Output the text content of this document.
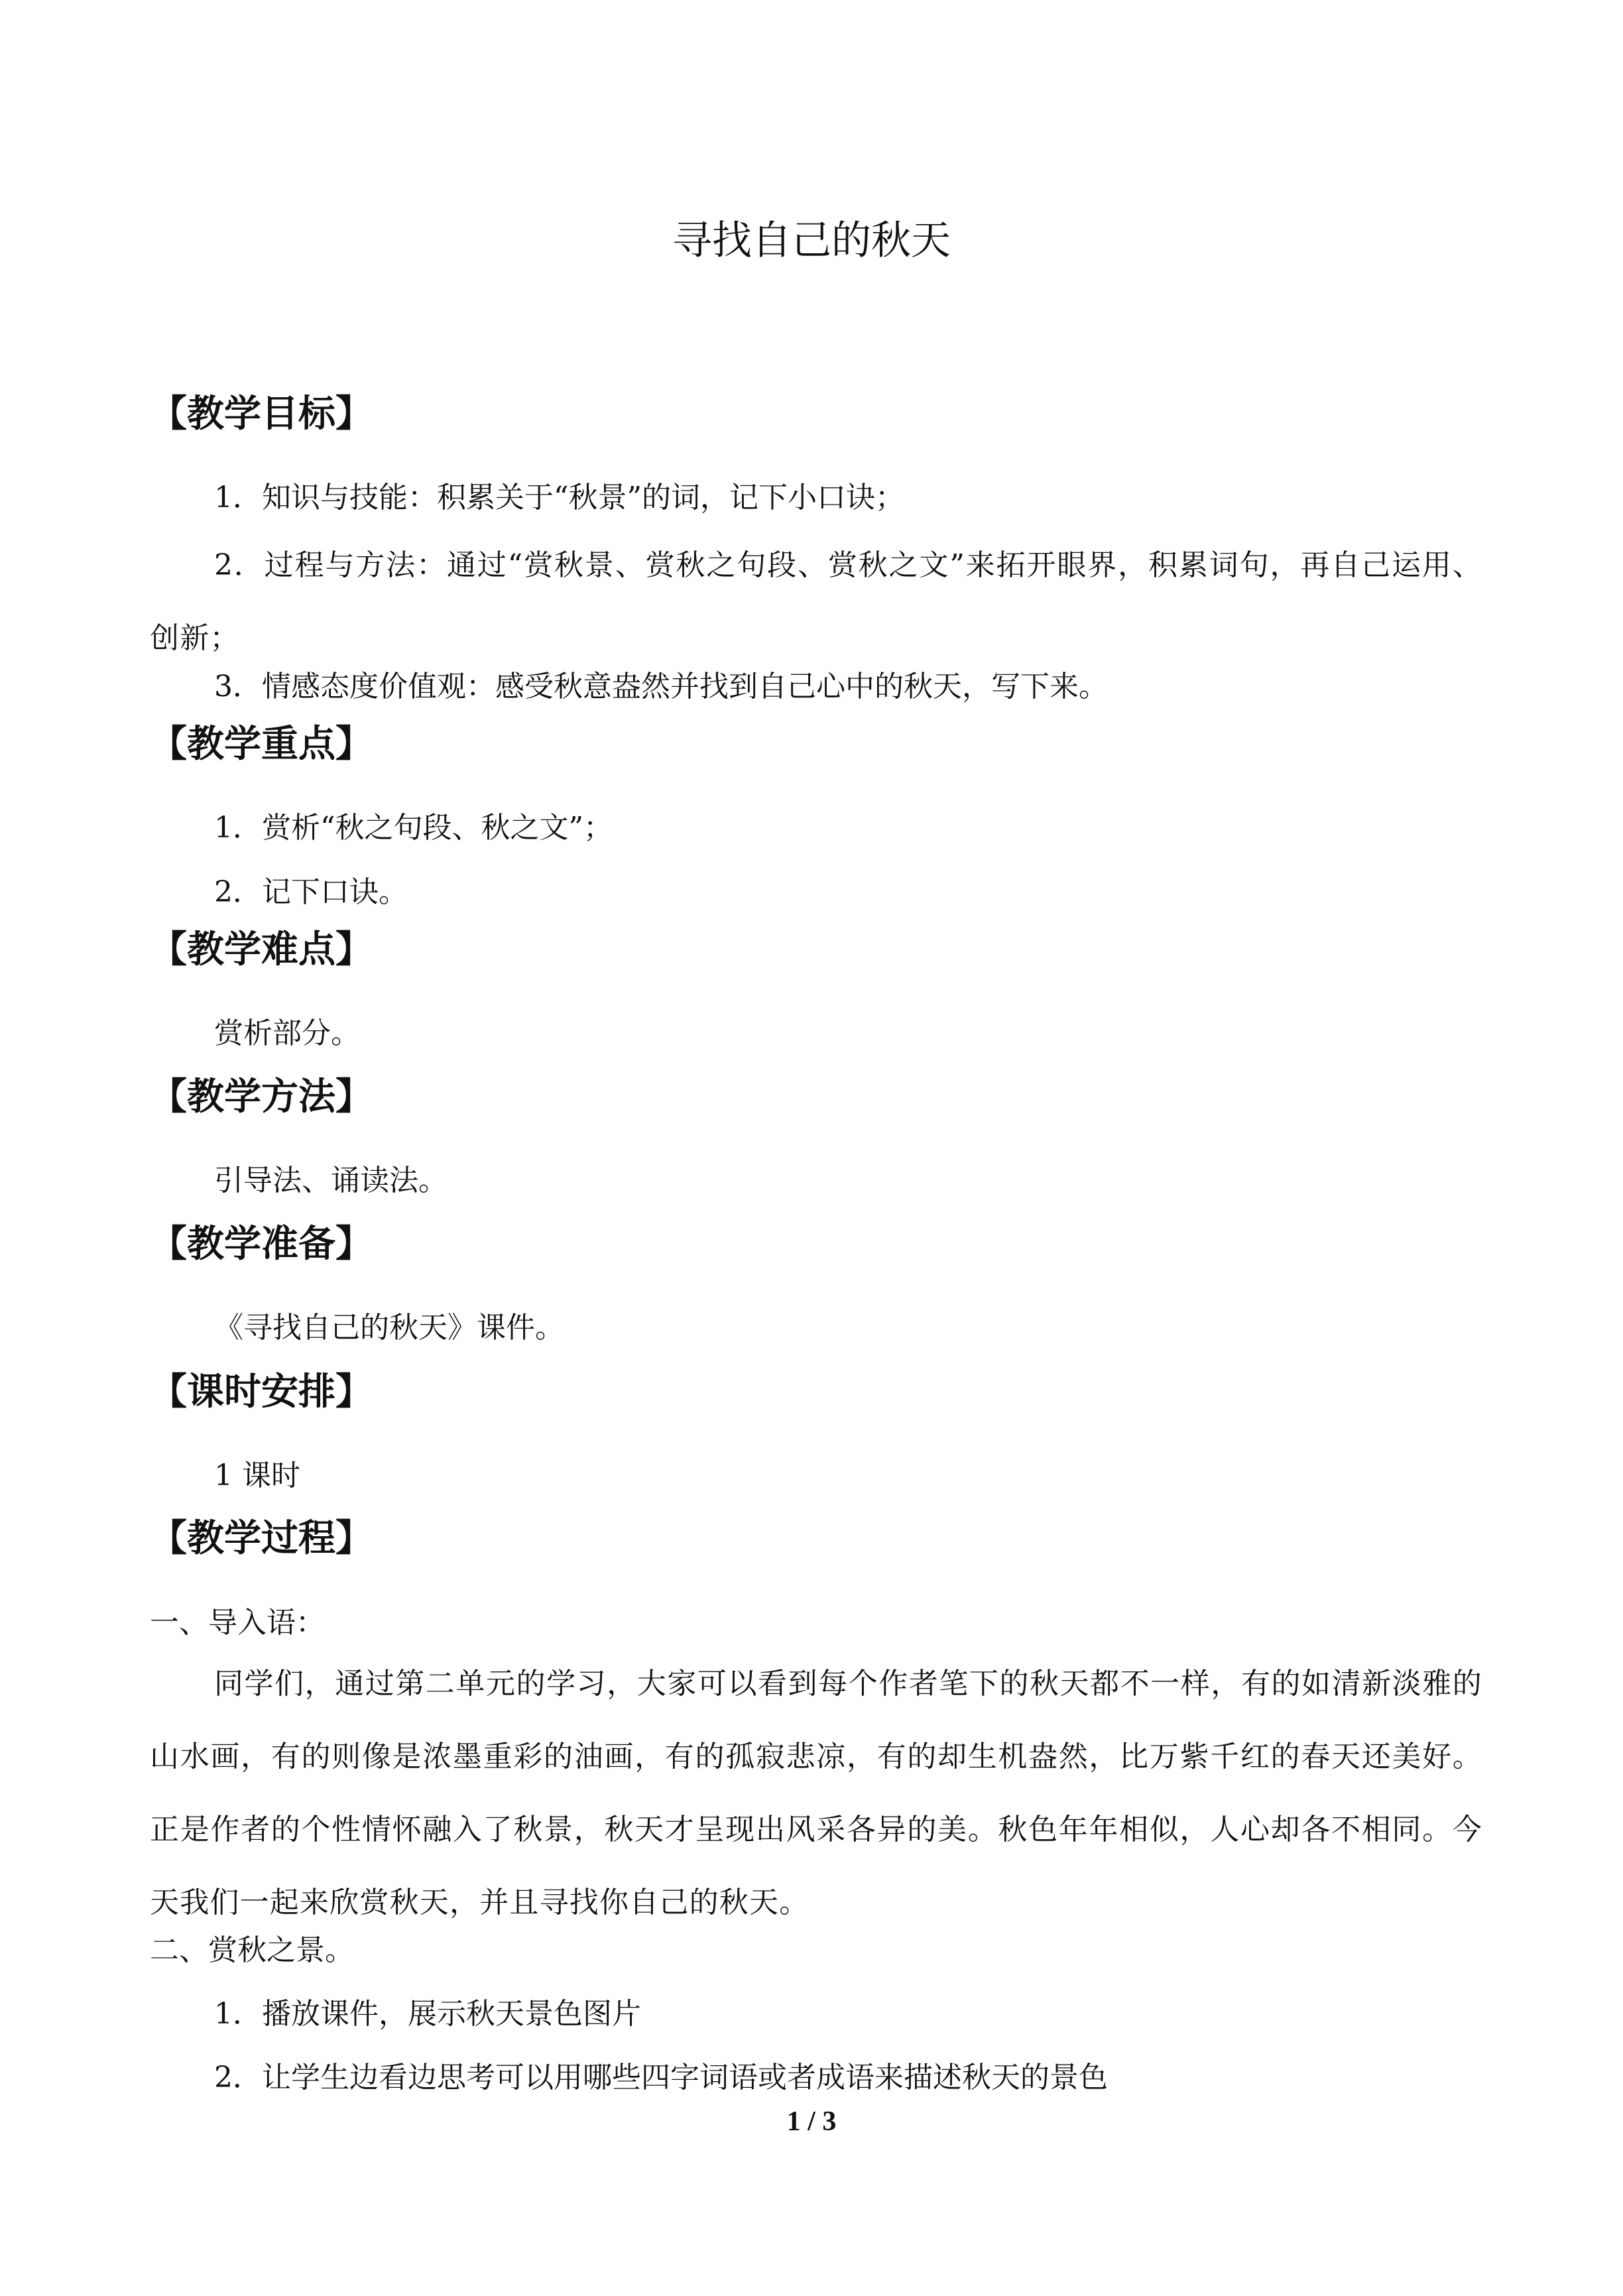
寻找自己的秋天
【教学目标】

1．知识与技能：积累关于“秋景”的词，记下小口诀；

2．过程与方法：通过“赏秋景、赏秋之句段、赏秋之文”来拓开眼界，积累词句，再自己运用、创新；

3．情感态度价值观：感受秋意盎然并找到自己心中的秋天，写下来。

【教学重点】

1．赏析“秋之句段、秋之文”；

2．记下口诀。

【教学难点】

赏析部分。

【教学方法】

引导法、诵读法。

【教学准备】

《寻找自己的秋天》课件。

【课时安排】

1 课时

【教学过程】

一、导入语：

同学们，通过第二单元的学习，大家可以看到每个作者笔下的秋天都不一样，有的如清新淡雅的山水画，有的则像是浓墨重彩的油画，有的孤寂悲凉，有的却生机盎然，比万紫千红的春天还美好。正是作者的个性情怀融入了秋景，秋天才呈现出风采各异的美。秋色年年相似，人心却各不相同。今天我们一起来欣赏秋天，并且寻找你自己的秋天。

二、赏秋之景。

1．播放课件，展示秋天景色图片

2．让学生边看边思考可以用哪些四字词语或者成语来描述秋天的景色

1 / 3
